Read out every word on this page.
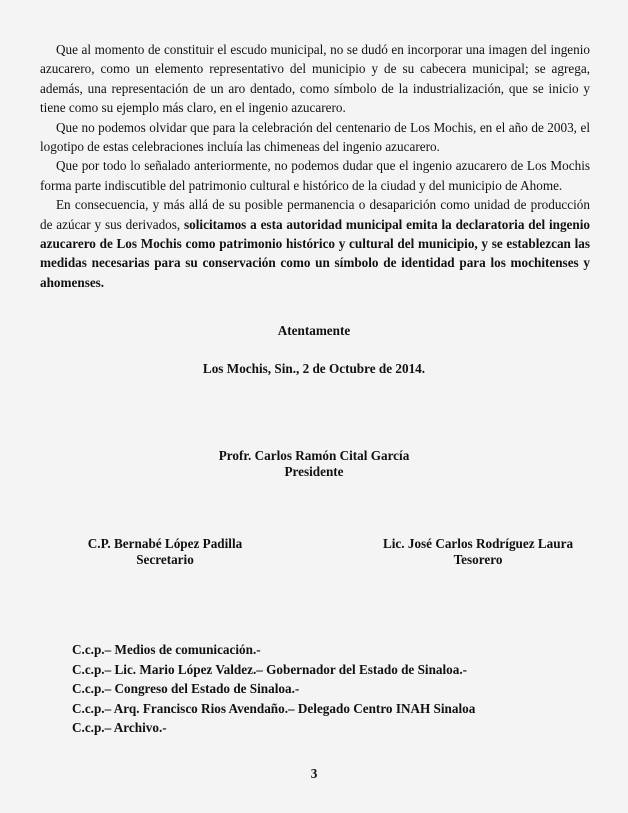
Que al momento de constituir el escudo municipal, no se dudó en incorporar una imagen del ingenio azucarero, como un elemento representativo del municipio y de su cabecera municipal; se agrega, además, una representación de un aro dentado, como símbolo de la industrialización, que se inicio y tiene como su ejemplo más claro, en el ingenio azucarero.

Que no podemos olvidar que para la celebración del centenario de Los Mochis, en el año de 2003, el logotipo de estas celebraciones incluía las chimeneas del ingenio azucarero.

Que por todo lo señalado anteriormente, no podemos dudar que el ingenio azucarero de Los Mochis forma parte indiscutible del patrimonio cultural e histórico de la ciudad y del municipio de Ahome.

En consecuencia, y más allá de su posible permanencia o desaparición como unidad de producción de azúcar y sus derivados, solicitamos a esta autoridad municipal emita la declaratoria del ingenio azucarero de Los Mochis como patrimonio histórico y cultural del municipio, y se establezcan las medidas necesarias para su conservación como un símbolo de identidad para los mochitenses y ahomenses.

Atentamente
Los Mochis, Sin., 2 de Octubre de 2014.
Profr. Carlos Ramón Cital García
Presidente
C.P. Bernabé López Padilla
Secretario
Lic. José Carlos Rodríguez Laura
Tesorero
C.c.p.– Medios de comunicación.-
C.c.p.– Lic. Mario López Valdez.– Gobernador del Estado de Sinaloa.-
C.c.p.– Congreso del Estado de Sinaloa.-
C.c.p.– Arq. Francisco Rios Avendaño.– Delegado Centro INAH Sinaloa
C.c.p.– Archivo.-
3
